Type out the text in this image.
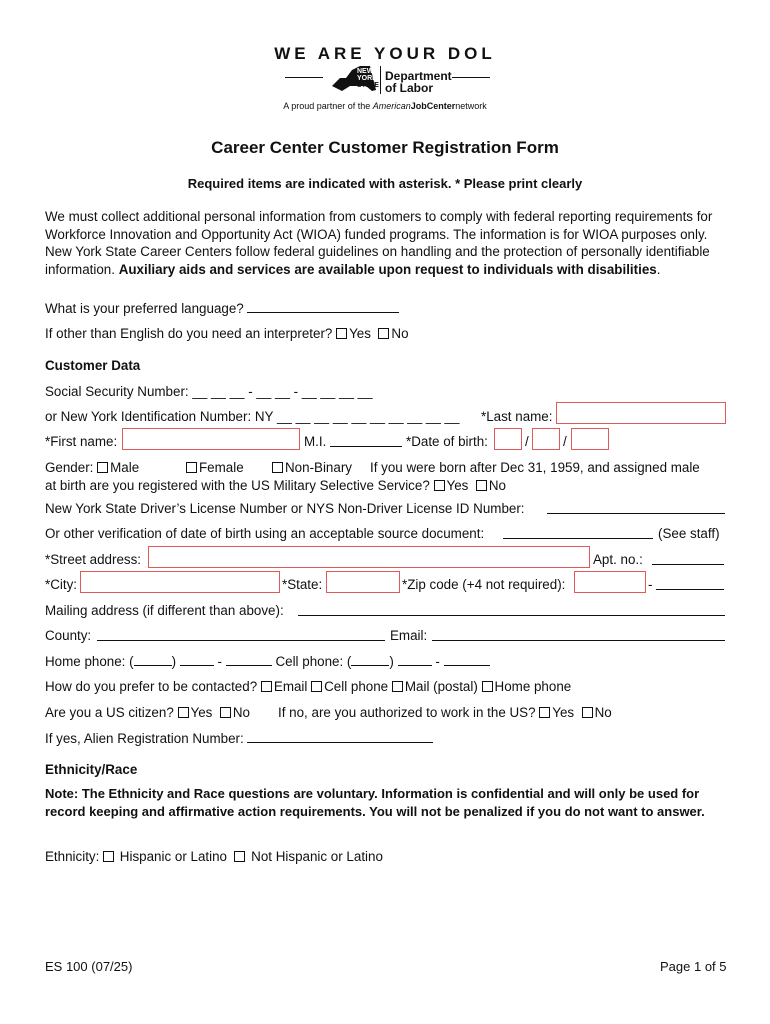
WE ARE YOUR DOL
NEW
YORK
STATE
Department
of Labor
A proud partner of the AmericanJobCenternetwork
Career Center Customer Registration Form
Required items are indicated with asterisk. * Please print clearly
We must collect additional personal information from customers to comply with federal reporting requirements for Workforce Innovation and Opportunity Act (WIOA) funded programs. The information is for WIOA purposes only. New York State Career Centers follow federal guidelines on handling and the protection of personally identifiable information. Auxiliary aids and services are available upon request to individuals with disabilities.
What is your preferred language?
If other than English do you need an interpreter? Yes No
Customer Data
Social Security Number: __ __ __ - __ __ - __ __ __ __
or New York Identification Number: NY __ __ __ __ __ __ __ __ __ __ *Last name:
*First name:	M.I.	*Date of birth:	/	/
Gender: Male	Female	Non-Binary If you were born after Dec 31, 1959, and assigned male
at birth are you registered with the US Military Selective Service? Yes No
New York State Driver’s License Number or NYS Non-Driver License ID Number:
Or other verification of date of birth using an acceptable source document:	(See staff)
*Street address:	Apt. no.:
*City:	*State:	*Zip code (+4 not required):	-
Mailing address (if different than above):
County:	Email:
Home phone: (	)	-	Cell phone: (	)	-
How do you prefer to be contacted? Email Cell phone Mail (postal) Home phone
Are you a US citizen? Yes No If no, are you authorized to work in the US? Yes No
If yes, Alien Registration Number:
Ethnicity/Race
Note: The Ethnicity and Race questions are voluntary. Information is confidential and will only be used for record keeping and affirmative action requirements. You will not be penalized if you do not want to answer.
Ethnicity: Hispanic or Latino Not Hispanic or Latino
ES 100 (07/25)	Page 1 of 5
